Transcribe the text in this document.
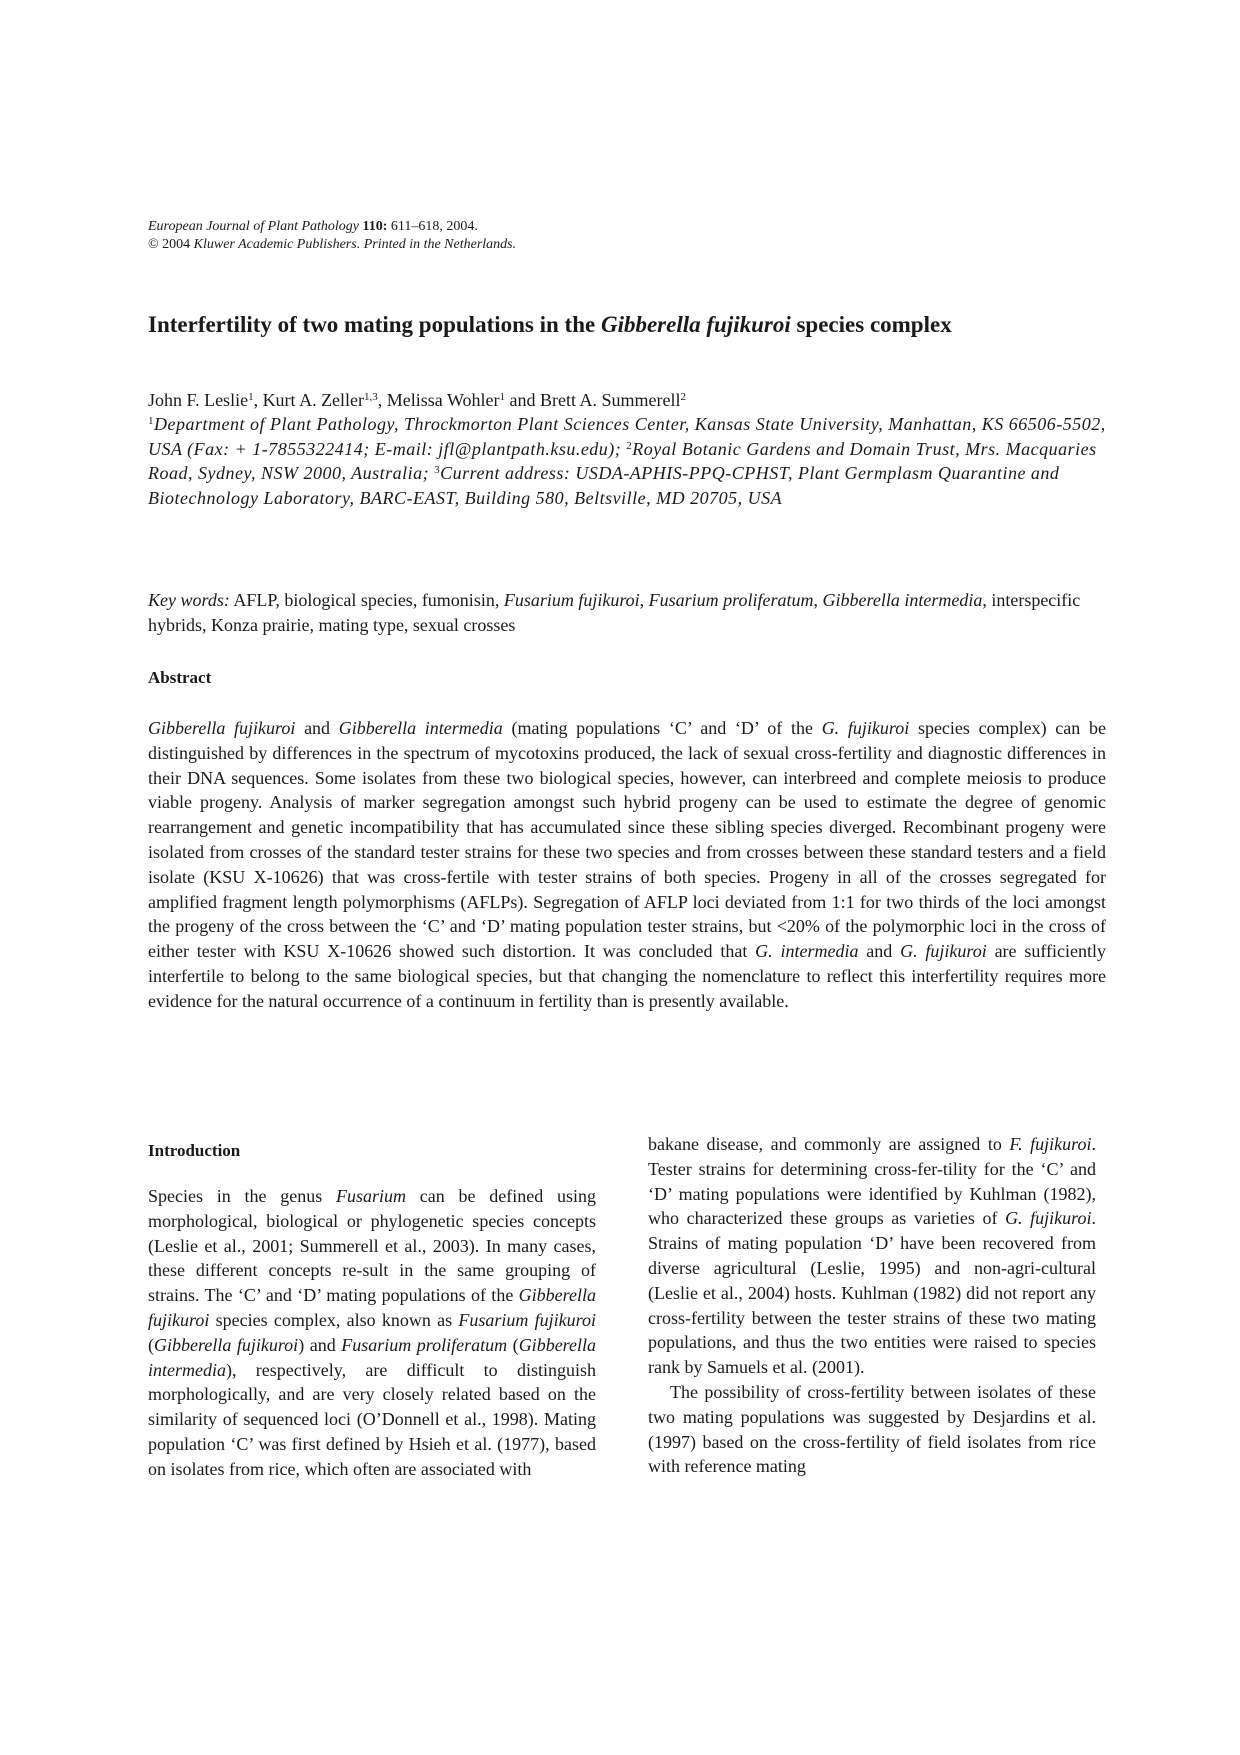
European Journal of Plant Pathology 110: 611–618, 2004.
© 2004 Kluwer Academic Publishers. Printed in the Netherlands.
Interfertility of two mating populations in the Gibberella fujikuroi species complex
John F. Leslie$^1$, Kurt A. Zeller$^{1,3}$, Melissa Wohler$^1$ and Brett A. Summerell$^2$
$^1$Department of Plant Pathology, Throckmorton Plant Sciences Center, Kansas State University, Manhattan, KS 66506-5502, USA (Fax: + 1-7855322414; E-mail: jfl@plantpath.ksu.edu); $^2$Royal Botanic Gardens and Domain Trust, Mrs. Macquaries Road, Sydney, NSW 2000, Australia; $^3$Current address: USDA-APHIS-PPQ-CPHST, Plant Germplasm Quarantine and Biotechnology Laboratory, BARC-EAST, Building 580, Beltsville, MD 20705, USA
Key words: AFLP, biological species, fumonisin, Fusarium fujikuroi, Fusarium proliferatum, Gibberella intermedia, interspecific hybrids, Konza prairie, mating type, sexual crosses
Abstract

Gibberella fujikuroi and Gibberella intermedia (mating populations ‘C’ and ‘D’ of the G. fujikuroi species complex) can be distinguished by differences in the spectrum of mycotoxins produced, the lack of sexual cross-fertility and diagnostic differences in their DNA sequences. Some isolates from these two biological species, however, can interbreed and complete meiosis to produce viable progeny. Analysis of marker segregation amongst such hybrid progeny can be used to estimate the degree of genomic rearrangement and genetic incompatibility that has accumulated since these sibling species diverged. Recombinant progeny were isolated from crosses of the standard tester strains for these two species and from crosses between these standard testers and a field isolate (KSU X-10626) that was cross-fertile with tester strains of both species. Progeny in all of the crosses segregated for amplified fragment length polymorphisms (AFLPs). Segregation of AFLP loci deviated from 1:1 for two thirds of the loci amongst the progeny of the cross between the ‘C’ and ‘D’ mating population tester strains, but <20% of the polymorphic loci in the cross of either tester with KSU X-10626 showed such distortion. It was concluded that G. intermedia and G. fujikuroi are sufficiently interfertile to belong to the same biological species, but that changing the nomenclature to reflect this interfertility requires more evidence for the natural occurrence of a continuum in fertility than is presently available.

Introduction

Species in the genus Fusarium can be defined using morphological, biological or phylogenetic species concepts (Leslie et al., 2001; Summerell et al., 2003). In many cases, these different concepts re-sult in the same grouping of strains. The ‘C’ and ‘D’ mating populations of the Gibberella fujikuroi species complex, also known as Fusarium fujikuroi (Gibberella fujikuroi) and Fusarium proliferatum (Gibberella intermedia), respectively, are difficult to distinguish morphologically, and are very closely related based on the similarity of sequenced loci (O’Donnell et al., 1998). Mating population ‘C’ was first defined by Hsieh et al. (1977), based on isolates from rice, which often are associated with

bakane disease, and commonly are assigned to F. fujikuroi. Tester strains for determining cross-fer-tility for the ‘C’ and ‘D’ mating populations were identified by Kuhlman (1982), who characterized these groups as varieties of G. fujikuroi. Strains of mating population ‘D’ have been recovered from diverse agricultural (Leslie, 1995) and non-agri-cultural (Leslie et al., 2004) hosts. Kuhlman (1982) did not report any cross-fertility between the tester strains of these two mating populations, and thus the two entities were raised to species rank by Samuels et al. (2001).

The possibility of cross-fertility between isolates of these two mating populations was suggested by Desjardins et al. (1997) based on the cross-fertility of field isolates from rice with reference mating
